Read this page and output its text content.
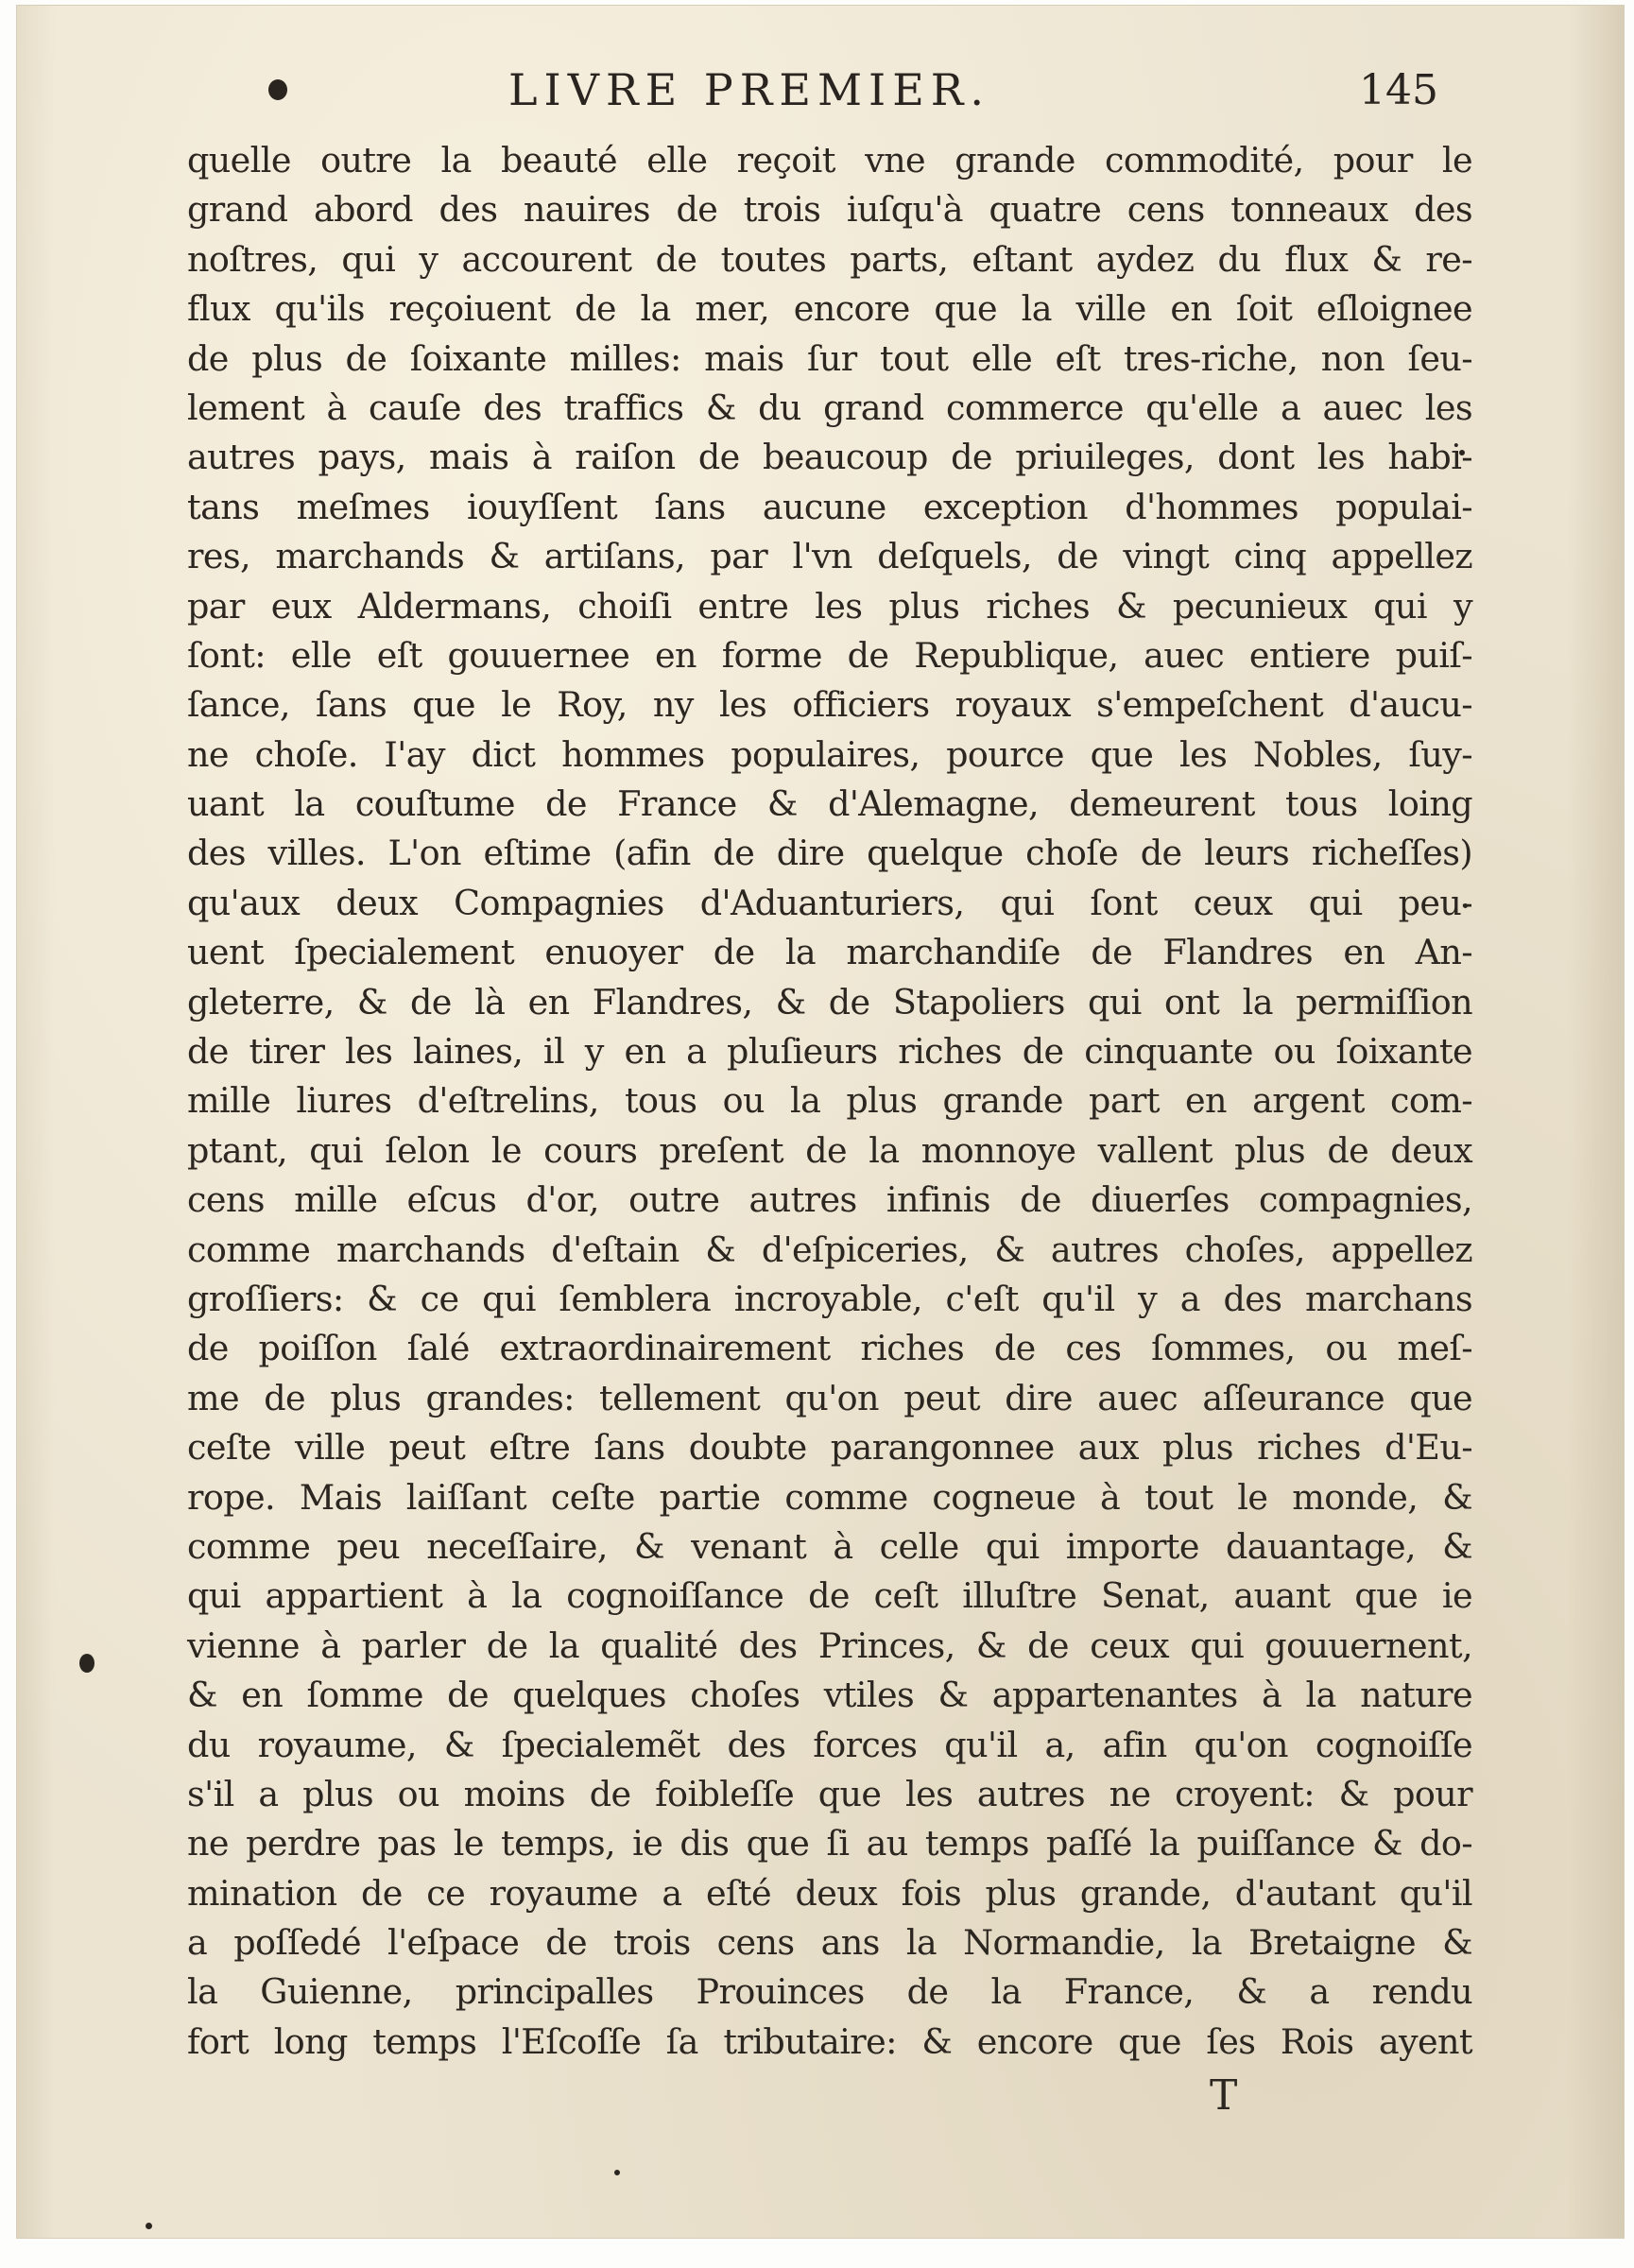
LIVRE PREMIER.	145
quelle outre la beauté elle reçoit vne grande commodité, pour le
grand abord des nauires de trois iuſqu'à quatre cens tonneaux des
noſtres, qui y accourent de toutes parts, eſtant aydez du flux & re-
flux qu'ils reçoiuent de la mer, encore que la ville en ſoit eſloignee
de plus de ſoixante milles: mais ſur tout elle eſt tres-riche, non ſeu-
lement à cauſe des traffics & du grand commerce qu'elle a auec les
autres pays, mais à raiſon de beaucoup de priuileges, dont les habi-
tans meſmes iouyſſent ſans aucune exception d'hommes populai-
res, marchands & artiſans, par l'vn deſquels, de vingt cinq appellez
par eux Aldermans, choiſi entre les plus riches & pecunieux qui y
ſont: elle eſt gouuernee en forme de Republique, auec entiere puiſ-
ſance, ſans que le Roy, ny les officiers royaux s'empeſchent d'aucu-
ne choſe. I'ay dict hommes populaires, pource que les Nobles, ſuy-
uant la couſtume de France & d'Alemagne, demeurent tous loing
des villes. L'on eſtime (afin de dire quelque choſe de leurs richeſſes)
qu'aux deux Compagnies d'Aduanturiers, qui ſont ceux qui peu-
uent ſpecialement enuoyer de la marchandiſe de Flandres en An-
gleterre, & de là en Flandres, & de Stapoliers qui ont la permiſſion
de tirer les laines, il y en a pluſieurs riches de cinquante ou ſoixante
mille liures d'eſtrelins, tous ou la plus grande part en argent com-
ptant, qui ſelon le cours preſent de la monnoye vallent plus de deux
cens mille eſcus d'or, outre autres infinis de diuerſes compagnies,
comme marchands d'eſtain & d'eſpiceries, & autres choſes, appellez
groſſiers: & ce qui ſemblera incroyable, c'eſt qu'il y a des marchans
de poiſſon ſalé extraordinairement riches de ces ſommes, ou meſ-
me de plus grandes: tellement qu'on peut dire auec aſſeurance que
ceſte ville peut eſtre ſans doubte parangonnee aux plus riches d'Eu-
rope. Mais laiſſant ceſte partie comme cogneue à tout le monde, &
comme peu neceſſaire, & venant à celle qui importe dauantage, &
qui appartient à la cognoiſſance de ceſt illuſtre Senat, auant que ie
vienne à parler de la qualité des Princes, & de ceux qui gouuernent,
& en ſomme de quelques choſes vtiles & appartenantes à la nature
du royaume, & ſpecialemẽt des forces qu'il a, afin qu'on cognoiſſe
s'il a plus ou moins de foibleſſe que les autres ne croyent: & pour
ne perdre pas le temps, ie dis que ſi au temps paſſé la puiſſance & do-
mination de ce royaume a eſté deux fois plus grande, d'autant qu'il
a poſſedé l'eſpace de trois cens ans la Normandie, la Bretaigne &
la Guienne, principalles Prouinces de la France, & a rendu
fort long temps l'Eſcoſſe ſa tributaire: & encore que ſes Rois ayent
T
